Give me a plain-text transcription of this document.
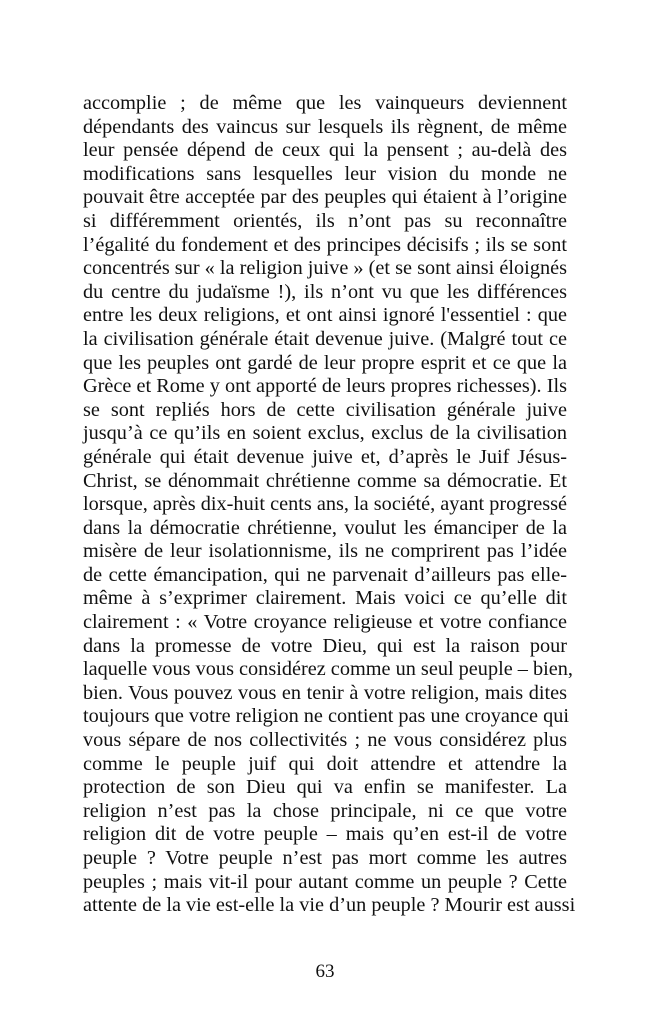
accomplie ; de même que les vainqueurs deviennent
dépendants des vaincus sur lesquels ils règnent, de même
leur pensée dépend de ceux qui la pensent ; au-delà des
modifications sans lesquelles leur vision du monde ne
pouvait être acceptée par des peuples qui étaient à l’origine
si différemment orientés, ils n’ont pas su reconnaître
l’égalité du fondement et des principes décisifs ; ils se sont
concentrés sur « la religion juive » (et se sont ainsi éloignés
du centre du judaïsme !), ils n’ont vu que les différences
entre les deux religions, et ont ainsi ignoré l'essentiel : que
la civilisation générale était devenue juive. (Malgré tout ce
que les peuples ont gardé de leur propre esprit et ce que la
Grèce et Rome y ont apporté de leurs propres richesses). Ils
se sont repliés hors de cette civilisation générale juive
jusqu’à ce qu’ils en soient exclus, exclus de la civilisation
générale qui était devenue juive et, d’après le Juif Jésus-
Christ, se dénommait chrétienne comme sa démocratie. Et
lorsque, après dix-huit cents ans, la société, ayant progressé
dans la démocratie chrétienne, voulut les émanciper de la
misère de leur isolationnisme, ils ne comprirent pas l’idée
de cette émancipation, qui ne parvenait d’ailleurs pas elle-
même à s’exprimer clairement. Mais voici ce qu’elle dit
clairement : « Votre croyance religieuse et votre confiance
dans la promesse de votre Dieu, qui est la raison pour
laquelle vous vous considérez comme un seul peuple – bien,
bien. Vous pouvez vous en tenir à votre religion, mais dites
toujours que votre religion ne contient pas une croyance qui
vous sépare de nos collectivités ; ne vous considérez plus
comme le peuple juif qui doit attendre et attendre la
protection de son Dieu qui va enfin se manifester. La
religion n’est pas la chose principale, ni ce que votre
religion dit de votre peuple – mais qu’en est-il de votre
peuple ? Votre peuple n’est pas mort comme les autres
peuples ; mais vit-il pour autant comme un peuple ? Cette
attente de la vie est-elle la vie d’un peuple ? Mourir est aussi
63
